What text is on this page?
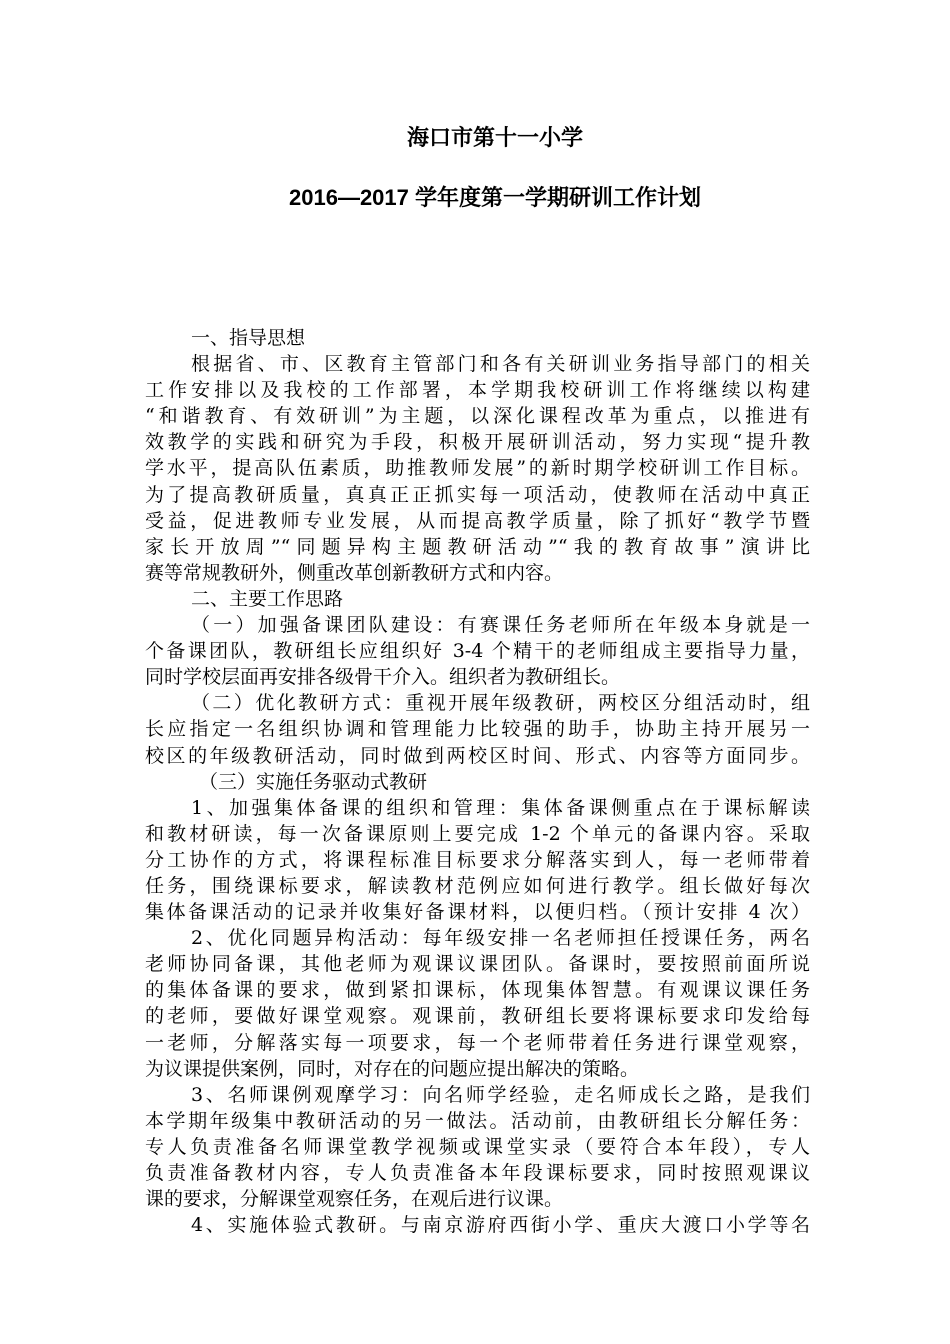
海口市第十一小学
2016—2017 学年度第一学期研训工作计划
一、指导思想
根据省、市、区教育主管部门和各有关研训业务指导部门的相关
工作安排以及我校的工作部署，本学期我校研训工作将继续以构建
“和谐教育、有效研训”为主题，以深化课程改革为重点，以推进有
效教学的实践和研究为手段，积极开展研训活动，努力实现“提升教
学水平，提高队伍素质，助推教师发展”的新时期学校研训工作目标。
为了提高教研质量，真真正正抓实每一项活动，使教师在活动中真正
受益，促进教师专业发展，从而提高教学质量，除了抓好“教学节暨
家长开放周”“同题异构主题教研活动”“我的教育故事”演讲比
赛等常规教研外，侧重改革创新教研方式和内容。
二、主要工作思路
（一）加强备课团队建设：有赛课任务老师所在年级本身就是一
个备课团队，教研组长应组织好 3-4 个精干的老师组成主要指导力量，
同时学校层面再安排各级骨干介入。组织者为教研组长。
（二）优化教研方式：重视开展年级教研，两校区分组活动时，组
长应指定一名组织协调和管理能力比较强的助手，协助主持开展另一
校区的年级教研活动，同时做到两校区时间、形式、内容等方面同步。
（三）实施任务驱动式教研
1、加强集体备课的组织和管理：集体备课侧重点在于课标解读
和教材研读，每一次备课原则上要完成 1-2 个单元的备课内容。采取
分工协作的方式，将课程标准目标要求分解落实到人，每一老师带着
任务，围绕课标要求，解读教材范例应如何进行教学。组长做好每次
集体备课活动的记录并收集好备课材料，以便归档。（预计安排 4 次）
2、优化同题异构活动：每年级安排一名老师担任授课任务，两名
老师协同备课，其他老师为观课议课团队。备课时，要按照前面所说
的集体备课的要求，做到紧扣课标，体现集体智慧。有观课议课任务
的老师，要做好课堂观察。观课前，教研组长要将课标要求印发给每
一老师，分解落实每一项要求，每一个老师带着任务进行课堂观察，
为议课提供案例，同时，对存在的问题应提出解决的策略。
3、名师课例观摩学习：向名师学经验，走名师成长之路，是我们
本学期年级集中教研活动的另一做法。活动前，由教研组长分解任务：
专人负责准备名师课堂教学视频或课堂实录（要符合本年段），专人
负责准备教材内容，专人负责准备本年段课标要求，同时按照观课议
课的要求，分解课堂观察任务，在观后进行议课。
4、实施体验式教研。与南京游府西街小学、重庆大渡口小学等名
